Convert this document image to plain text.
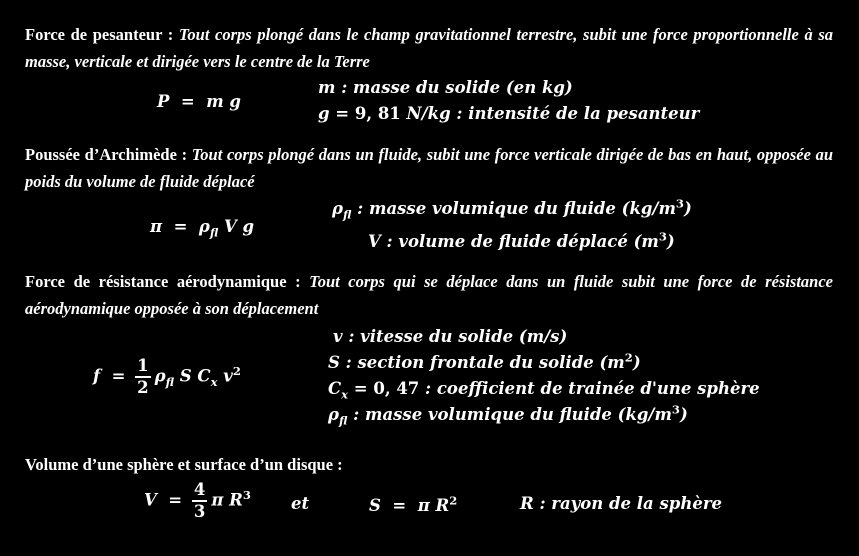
Force de pesanteur : Tout corps plongé dans le champ gravitationnel terrestre, subit une force proportionnelle à sa masse, verticale et dirigée vers le centre de la Terre
P  =  m g
m : masse du solide (en kg)
g = 9, 81 N/kg : intensité de la pesanteur
Poussée d’Archimède : Tout corps plongé dans un fluide, subit une force verticale dirigée de bas en haut, opposée au poids du volume de fluide déplacé
$\pi = \rho_{fl}$ V g
$\rho_{fl}$ : masse volumique du fluide $(kg/m^3)$
V : volume de fluide déplacé $(m^3)$
Force de résistance aérodynamique : Tout corps qui se déplace dans un fluide subit une force de résistance aérodynamique opposée à son déplacement
$f = \frac{1}{2} \rho_{fl}$ S $C_x$ $v^2$
v : vitesse du solide (m/s)
S : section frontale du solide $(m^2)$
$C_x = 0$, 47 : coefficient de trainée d'une sphère
$\rho_{fl}$ : masse volumique du fluide $(kg/m^3)$
Volume d’une sphère et surface d’un disque :
$V = \frac{4}{3}$ π $R^3$ et	S  =  π $R^2$	R : rayon de la sphère
